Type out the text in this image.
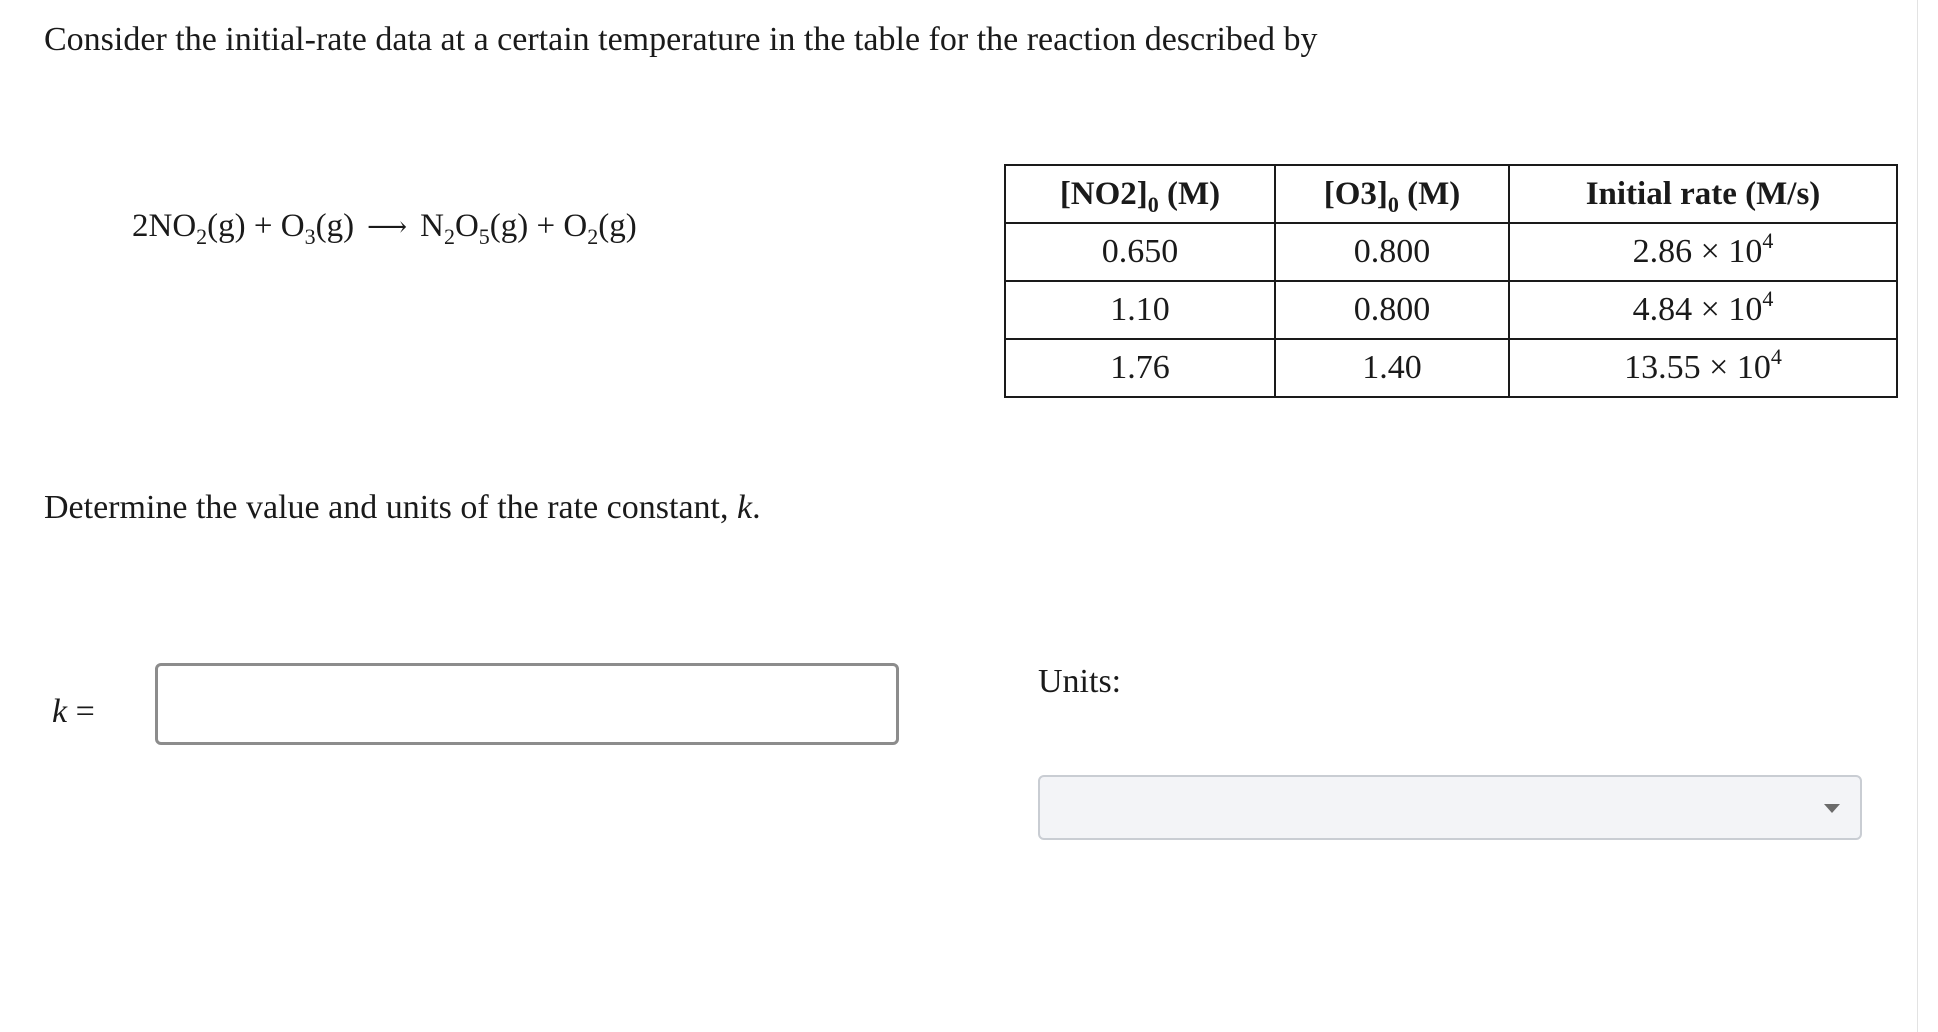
Consider the initial-rate data at a certain temperature in the table for the reaction described by
$2NO_2(g) + O_3(g)$ ⟶ $N_2O_5(g) + O_2(g)$
$[NO2]_0$ (M)	$[O3]_0$ (M)	Initial rate (M/s)
0.650	0.800	$2.86 \times 10^4$
1.10	0.800	$4.84 \times 10^4$
1.76	1.40	$13.55 \times 10^4$
Determine the value and units of the rate constant, k.
k =
Units:
